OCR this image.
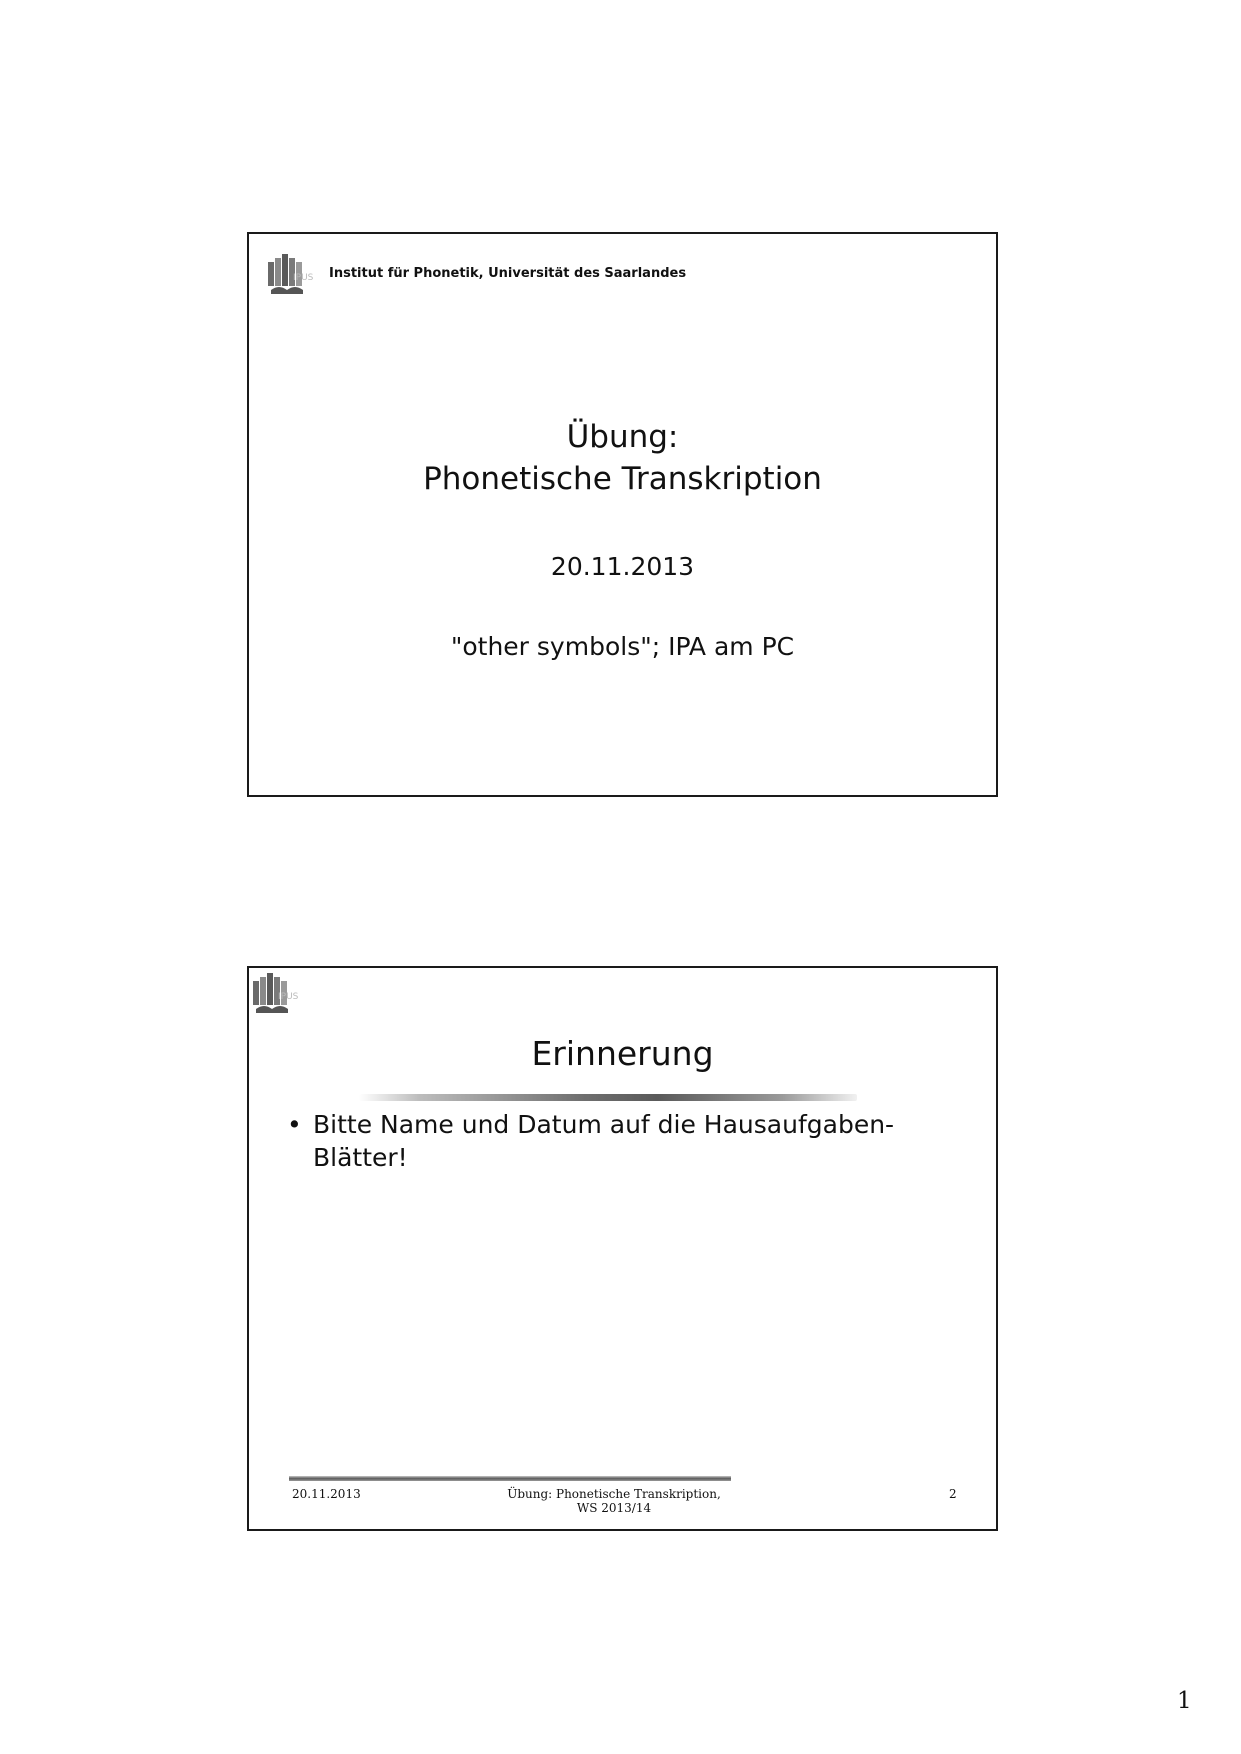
IPUS Institut für Phonetik, Universität des Saarlandes
Übung:
Phonetische Transkription
20.11.2013
"other symbols"; IPA am PC
IPUS
Erinnerung
• Bitte Name und Datum auf die Hausaufgaben-
Blätter!
20.11.2013	Übung: Phonetische Transkription,
WS 2013/14
2
1
